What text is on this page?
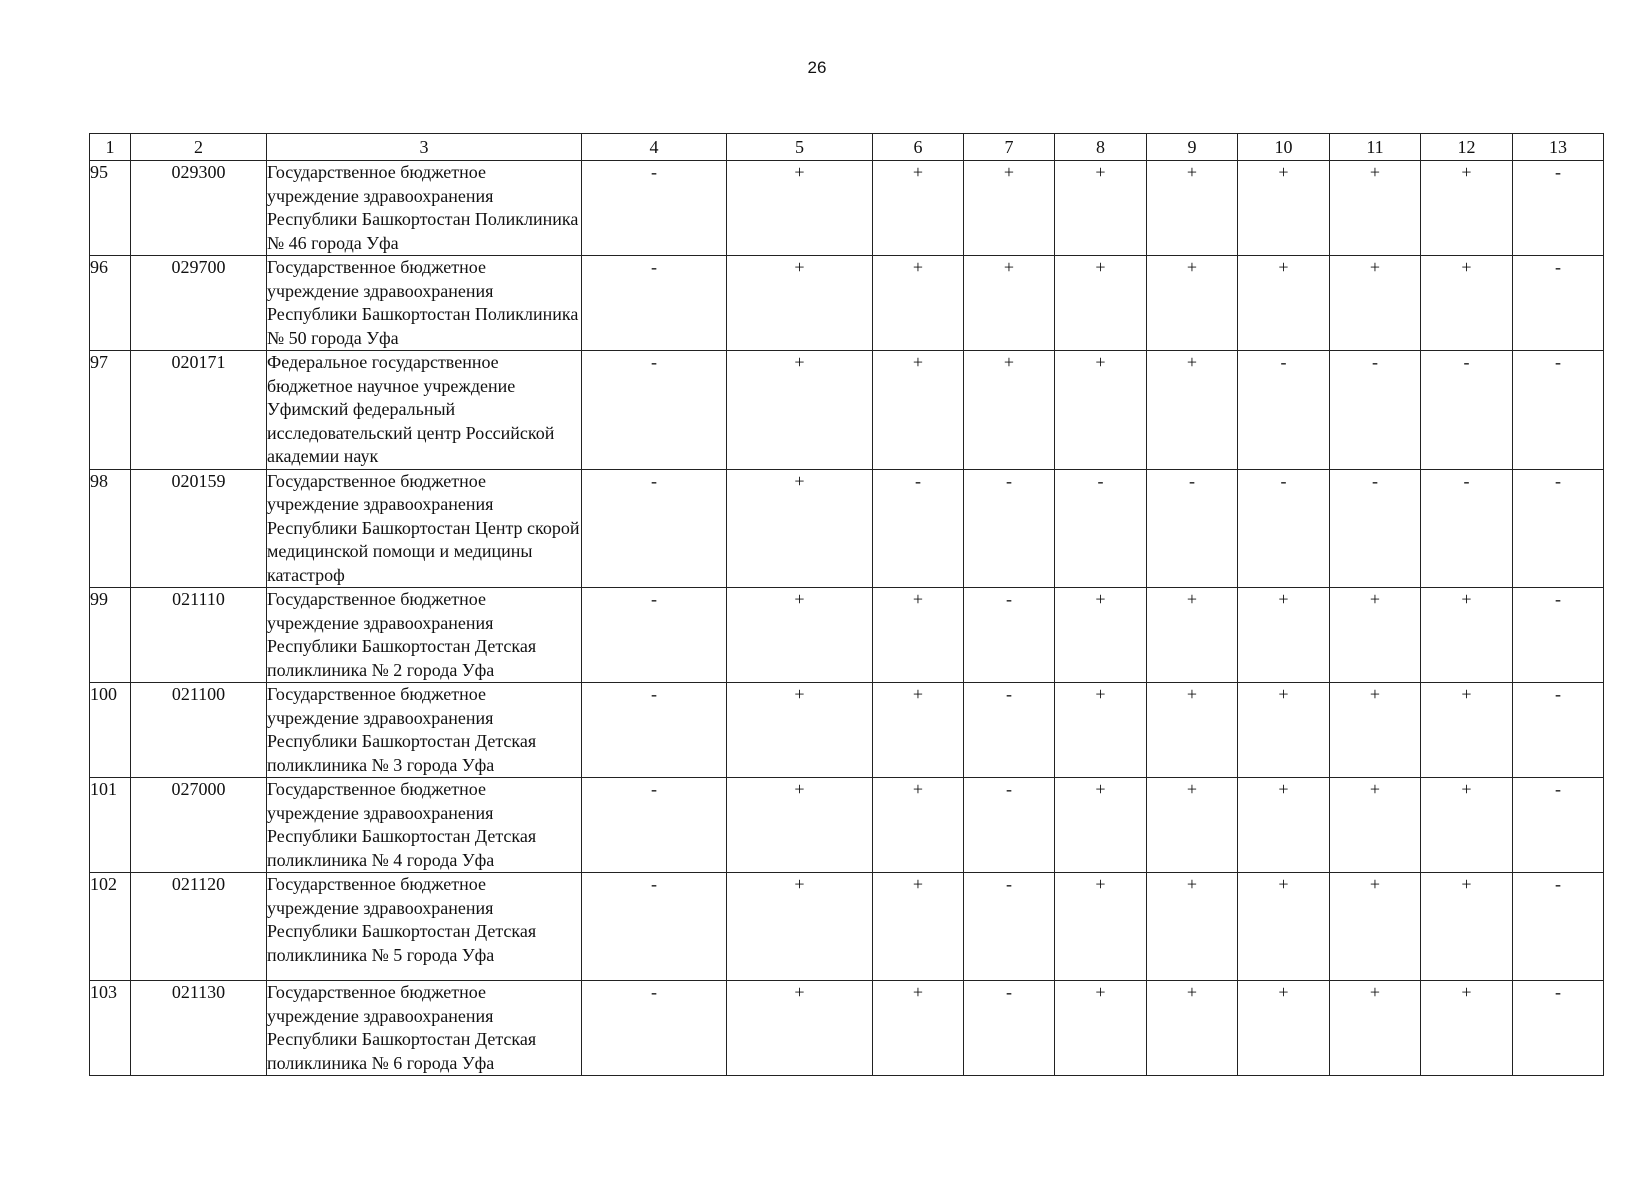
26
1	2	3	4	5	6	7	8	9	10	11	12	13
95	029300	Государственное бюджетное учреждение здравоохранения Республики Башкортостан Поликлиника № 46 города Уфа	-	+	+	+	+	+	+	+	+	-
96	029700	Государственное бюджетное учреждение здравоохранения Республики Башкортостан Поликлиника № 50 города Уфа	-	+	+	+	+	+	+	+	+	-
97	020171	Федеральное государственное бюджетное научное учреждение Уфимский федеральный исследовательский центр Российской академии наук	-	+	+	+	+	+	-	-	-	-
98	020159	Государственное бюджетное учреждение здравоохранения Республики Башкортостан Центр скорой медицинской помощи и медицины катастроф	-	+	-	-	-	-	-	-	-	-
99	021110	Государственное бюджетное учреждение здравоохранения Республики Башкортостан Детская поликлиника № 2 города Уфа	-	+	+	-	+	+	+	+	+	-
100	021100	Государственное бюджетное учреждение здравоохранения Республики Башкортостан Детская поликлиника № 3 города Уфа	-	+	+	-	+	+	+	+	+	-
101	027000	Государственное бюджетное учреждение здравоохранения Республики Башкортостан Детская поликлиника № 4 города Уфа	-	+	+	-	+	+	+	+	+	-
102	021120	Государственное бюджетное учреждение здравоохранения Республики Башкортостан Детская поликлиника № 5 города Уфа	-	+	+	-	+	+	+	+	+	-
103	021130	Государственное бюджетное учреждение здравоохранения Республики Башкортостан Детская поликлиника № 6 города Уфа	-	+	+	-	+	+	+	+	+	-
